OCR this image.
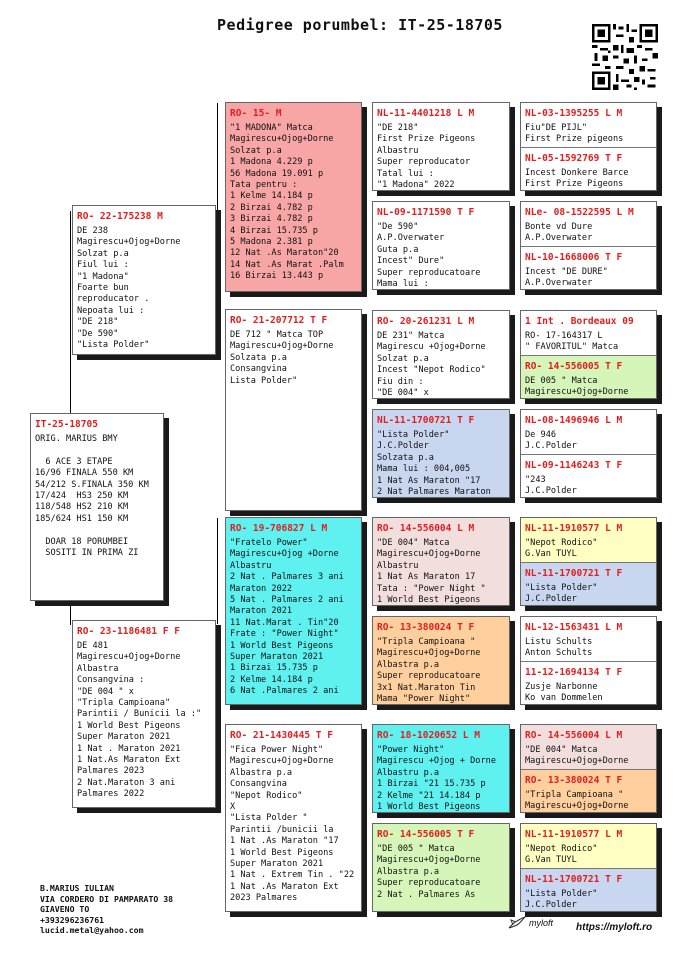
Pedigree porumbel: IT-25-18705
IT-25-18705
ORIG. MARIUS BMY

6 ACE 3 ETAPE
16/96 FINALA 550 KM
54/212 S.FINALA 350 KM
17/424  HS3 250 KM
118/548 HS2 210 KM
185/624 HS1 150 KM

DOAR 18 PORUMBEI
SOSITI IN PRIMA ZI
RO- 22-175238 M
DE 238
Magirescu+Ojog+Dorne
Solzat p.a
Fiul lui :
"1 Madona"
Foarte bun
reproducator .
Nepoata lui :
"DE 218"
"De 590"
"Lista Polder"
RO- 23-1186481 F F
DE 481
Magirescu+Ojog+Dorne
Albastra
Consangvina :
"DE 004 " x
"Tripla Campioana"
Parintii / Bunicii la :"
1 World Best Pigeons
Super Maraton 2021
1 Nat . Maraton 2021
1 Nat.As Maraton Ext
Palmares 2023
2 Nat.Maraton 3 ani
Palmares 2022
RO- 15- M
"1 MADONA" Matca
Magirescu+Ojog+Dorne
Solzat p.a
1 Madona 4.229 p
56 Madona 19.091 p
Tata pentru :
1 Kelme 14.184 p
2 Birzai 4.782 p
3 Birzai 4.782 p
4 Birzai 15.735 p
5 Madona 2.381 p
12 Nat .As Maraton"20
14 Nat .As Marat .Palm
16 Birzai 13.443 p
RO- 21-207712 T F
DE 712 " Matca TOP
Magirescu+Ojog+Dorne
Solzata p.a
Consangvina
Lista Polder"
RO- 19-706827 L M
"Fratelo Power"
Magirescu+Ojog +Dorne
Albastru
2 Nat . Palmares 3 ani
Maraton 2022
5 Nat . Palmares 2 ani
Maraton 2021
11 Nat.Marat . Tin"20
Frate : "Power Night"
1 World Best Pigeons
Super Maraton 2021
1 Birzai 15.735 p
2 Kelme 14.184 p
6 Nat .Palmares 2 ani
RO- 21-1430445 T F
"Fica Power Night"
Magirescu+Ojog+Dorne
Albastra p.a
Consangvina
"Nepot Rodico"
X
"Lista Polder "
Parintii /bunicii la
1 Nat .As Maraton "17
1 World Best Pigeons
Super Maraton 2021
1 Nat . Extrem Tin . "22
1 Nat .As Maraton Ext
2023 Palmares
NL-11-4401218 L M
"DE 218"
First Prize Pigeons
Albastru
Super reproducator
Tatal lui :
"1 Madona" 2022
NL-09-1171590 T F
"De 590"
A.P.Overwater
Guta p.a
Incest" Dure"
Super reproducatoare
Mama lui :
RO- 20-261231 L M
DE 231" Matca
Magirescu +Ojog+Dorne
Solzat p.a
Incest "Nepot Rodico"
Fiu din :
"DE 004" x
NL-11-1700721 T F
"Lista Polder"
J.C.Polder
Solzata p.a
Mama lui : 004,005
1 Nat As Maraton "17
2 Nat Palmares Maraton
RO- 14-556004 L M
"DE 004" Matca
Magirescu+Ojog+Dorne
Albastru
1 Nat As Maraton 17
Tata : "Power Night "
1 World Best Pigeons
RO- 13-380024 T F
"Tripla Campioana "
Magirescu+Ojog+Dorne
Albastra p.a
Super reproducatoare
3x1 Nat.Maraton Tin
Mama "Power Night"
RO- 18-1020652 L M
"Power Night"
Magirescu +Ojog + Dorne
Albastru p.a
1 Birzai "21 15.735 p
2 Kelme "21 14.184 p
1 World Best Pigeons
RO- 14-556005 T F
"DE 005 " Matca
Magirescu+Ojog+Dorne
Albastra p.a
Super reproducatoare
2 Nat . Palmares As
NL-03-1395255 L M
Fiu"DE PIJL"
First Prize pigeons
NL-05-1592769 T F
Incest Donkere Barce
First Prize Pigeons
NLe- 08-1522595 L M
Bonte vd Dure
A.P.Overwater
NL-10-1668006 T F
Incest "DE DURE"
A.P.Overwater
1 Int . Bordeaux 09
RO- 17-164317 L
" FAVORITUL" Matca
RO- 14-556005 T F
DE 005 " Matca
Magirescu+Ojog+Dorne
NL-08-1496946 L M
De 946
J.C.Polder
NL-09-1146243 T F
"243
J.C.Polder
NL-11-1910577 L M
"Nepot Rodico"
G.Van TUYL
NL-11-1700721 T F
"Lista Polder"
J.C.Polder
NL-12-1563431 L M
Listu Schults
Anton Schults
11-12-1694134 T F
Zusje Narbonne
Ko van Dommelen
RO- 14-556004 L M
"DE 004" Matca
Magirescu+Ojog+Dorne
RO- 13-380024 T F
"Tripla Campioana "
Magirescu+Ojog+Dorne
NL-11-1910577 L M
"Nepot Rodico"
G.Van TUYL
NL-11-1700721 T F
"Lista Polder"
J.C.Polder
B.MARIUS IULIAN
VIA CORDERO DI PAMPARATO 38
GIAVENO TO
+393296236761
lucid.metal@yahoo.com
myloft https://myloft.ro
